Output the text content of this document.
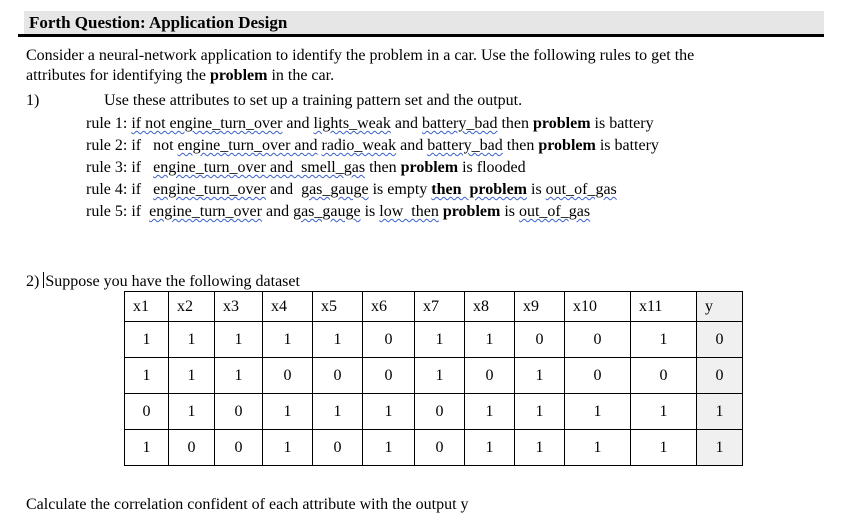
Forth Question: Application Design
Consider a neural-network application to identify the problem in a car. Use the following rules to get the
attributes for identifying the problem in the car.
1)	Use these attributes to set up a training pattern set and the output.
rule 1: if not engine_turn_over and lights_weak and battery_bad then problem is battery
rule 2: if   not engine_turn_over and radio_weak and battery_bad then problem is battery
rule 3: if   engine_turn_over and  smell_gas then problem is flooded
rule 4: if   engine_turn_over and  gas_gauge is empty then  problem is out_of_gas
rule 5: if  engine_turn_over and gas_gauge is low  then problem is out_of_gas
2) Suppose you have the following dataset
x1	x2	x3	x4	x5	x6	x7	x8	x9	x10	x11	y
1	1	1	1	1	0	1	1	0	0	1	0
1	1	1	0	0	0	1	0	1	0	0	0
0	1	0	1	1	1	0	1	1	1	1	1
1	0	0	1	0	1	0	1	1	1	1	1
Calculate the correlation confident of each attribute with the output y
